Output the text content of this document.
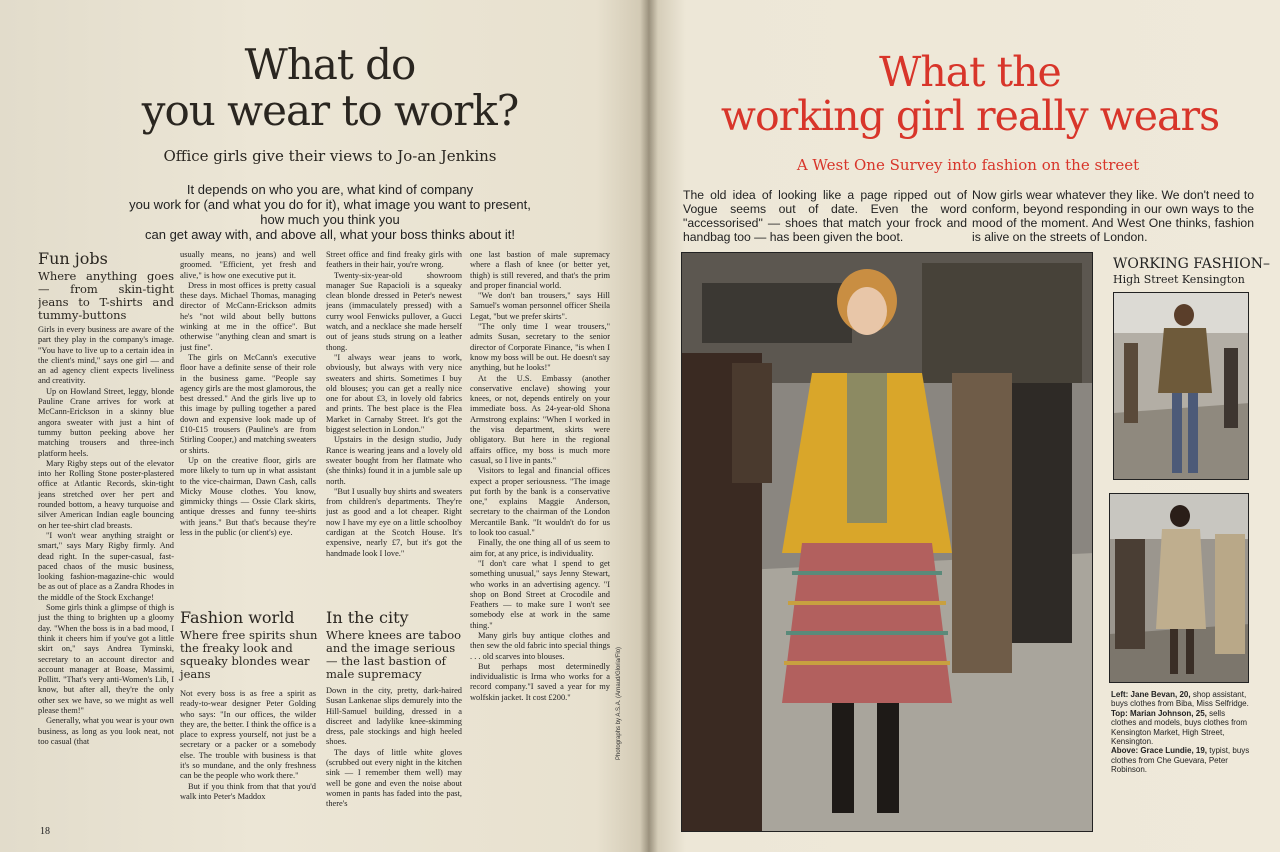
What do
you wear to work?
Office girls give their views to Jo-an Jenkins
It depends on who you are, what kind of company
you work for (and what you do for it), what image you want to present,
how much you think you
can get away with, and above all, what your boss thinks about it!
Fun jobs
Where anything goes — from skin-tight jeans to T-shirts and tummy-buttons

Girls in every business are aware of the part they play in the company's image. "You have to live up to a certain idea in the client's mind," says one girl — and an ad agency client expects liveliness and creativity.

Up on Howland Street, leggy, blonde Pauline Crane arrives for work at McCann-Erickson in a skinny blue angora sweater with just a hint of tummy button peeking above her matching trousers and three-inch platform heels.

Mary Rigby steps out of the elevator into her Rolling Stone poster-plastered office at Atlantic Records, skin-tight jeans stretched over her pert and rounded bottom, a heavy turquoise and silver American Indian eagle bouncing on her tee-shirt clad breasts.

"I won't wear anything straight or smart," says Mary Rigby firmly. And dead right. In the super-casual, fast-paced chaos of the music business, looking fashion-magazine-chic would be as out of place as a Zandra Rhodes in the middle of the Stock Exchange!

Some girls think a glimpse of thigh is just the thing to brighten up a gloomy day. "When the boss is in a bad mood, I think it cheers him if you've got a little skirt on," says Andrea Tyminski, secretary to an account director and account manager at Boase, Massimi, Pollitt. "That's very anti-Women's Lib, I know, but after all, they're the only other sex we have, so we might as well please them!"

Generally, what you wear is your own business, as long as you look neat, not too casual (that

usually means, no jeans) and well groomed. "Efficient, yet fresh and alive," is how one executive put it.

Dress in most offices is pretty casual these days. Michael Thomas, managing director of McCann-Erickson admits he's "not wild about belly buttons winking at me in the office". But otherwise "anything clean and smart is just fine".

The girls on McCann's executive floor have a definite sense of their role in the business game. "People say agency girls are the most glamorous, the best dressed." And the girls live up to this image by pulling together a pared down and expensive look made up of £10-£15 trousers (Pauline's are from Stirling Cooper,) and matching sweaters or shirts.

Up on the creative floor, girls are more likely to turn up in what assistant to the vice-chairman, Dawn Cash, calls Micky Mouse clothes. You know, gimmicky things — Ossie Clark skirts, antique dresses and funny tee-shirts with jeans." But that's because they're less in the public (or client's) eye.

Street office and find freaky girls with feathers in their hair, you're wrong.

Twenty-six-year-old showroom manager Sue Rapacioli is a squeaky clean blonde dressed in Peter's newest jeans (immaculately pressed) with a curry wool Fenwicks pullover, a Gucci watch, and a necklace she made herself out of jeans studs strung on a leather thong.

"I always wear jeans to work, obviously, but always with very nice sweaters and shirts. Sometimes I buy old blouses; you can get a really nice one for about £3, in lovely old fabrics and prints. The best place is the Flea Market in Carnaby Street. It's got the biggest selection in London."

Upstairs in the design studio, Judy Rance is wearing jeans and a lovely old sweater bought from her flatmate who (she thinks) found it in a jumble sale up north.

"But I usually buy shirts and sweaters from children's departments. They're just as good and a lot cheaper. Right now I have my eye on a little schoolboy cardigan at the Scotch House. It's expensive, nearly £7, but it's got the handmade look I love."

one last bastion of male supremacy where a flash of knee (or better yet, thigh) is still revered, and that's the prim and proper financial world.

"We don't ban trousers," says Hill Samuel's woman personnel officer Sheila Legat, "but we prefer skirts".

"The only time I wear trousers," admits Susan, secretary to the senior director of Corporate Finance, "is when I know my boss will be out. He doesn't say anything, but he looks!"

At the U.S. Embassy (another conservative enclave) showing your knees, or not, depends entirely on your immediate boss. As 24-year-old Shona Armstrong explains: "When I worked in the visa department, skirts were obligatory. But here in the regional affairs office, my boss is much more casual, so I live in pants."

Visitors to legal and financial offices expect a proper seriousness. "The image put forth by the bank is a conservative one," explains Maggie Anderson, secretary to the chairman of the London Mercantile Bank. "It wouldn't do for us to look too casual."

Finally, the one thing all of us seem to aim for, at any price, is individuality.

"I don't care what I spend to get something unusual," says Jenny Stewart, who works in an advertising agency. "I shop on Bond Street at Crocodile and Feathers — to make sure I won't see somebody else at work in the same thing."

Many girls buy antique clothes and then sew the old fabric into special things . . . old scarves into blouses.

But perhaps most determinedly individualistic is Irma who works for a record company."I saved a year for my wolfskin jacket. It cost £200."

Fashion world
Where free spirits shun the freaky look and squeaky blondes wear jeans

Not every boss is as free a spirit as ready-to-wear designer Peter Golding who says: "In our offices, the wilder they are, the better. I think the office is a place to express yourself, not just be a secretary or a packer or a somebody else. The trouble with business is that it's so mundane, and the only freshness can be the people who work there."

But if you think from that that you'd walk into Peter's Maddox

In the city
Where knees are taboo and the image serious — the last bastion of male supremacy

Down in the city, pretty, dark-haired Susan Lankenae slips demurely into the Hill-Samuel building, dressed in a discreet and ladylike knee-skimming dress, pale stockings and high heeled shoes.

The days of little white gloves (scrubbed out every night in the kitchen sink — I remember them well) may well be gone and even the noise about women in pants has faded into the past, there's

18
Photographs by A.S.A. (Arnaud/Gloria/Flo)
What the
working girl really wears
A West One Survey into fashion on the street
The old idea of looking like a page ripped out of Vogue seems out of date. Even the word "accessorised" — shoes that match your frock and handbag too — has been given the boot.
Now girls wear whatever they like. We don't need to conform, beyond responding in our own ways to the mood of the moment. And West One thinks, fashion is alive on the streets of London.
WORKING FASHION–
High Street Kensington
Left: Jane Bevan, 20, shop assistant, buys clothes from Biba, Miss Selfridge.
Top: Marian Johnson, 25, sells clothes and models, buys clothes from Kensington Market, High Street, Kensington.
Above: Grace Lundie, 19, typist, buys clothes from Che Guevara, Peter Robinson.
